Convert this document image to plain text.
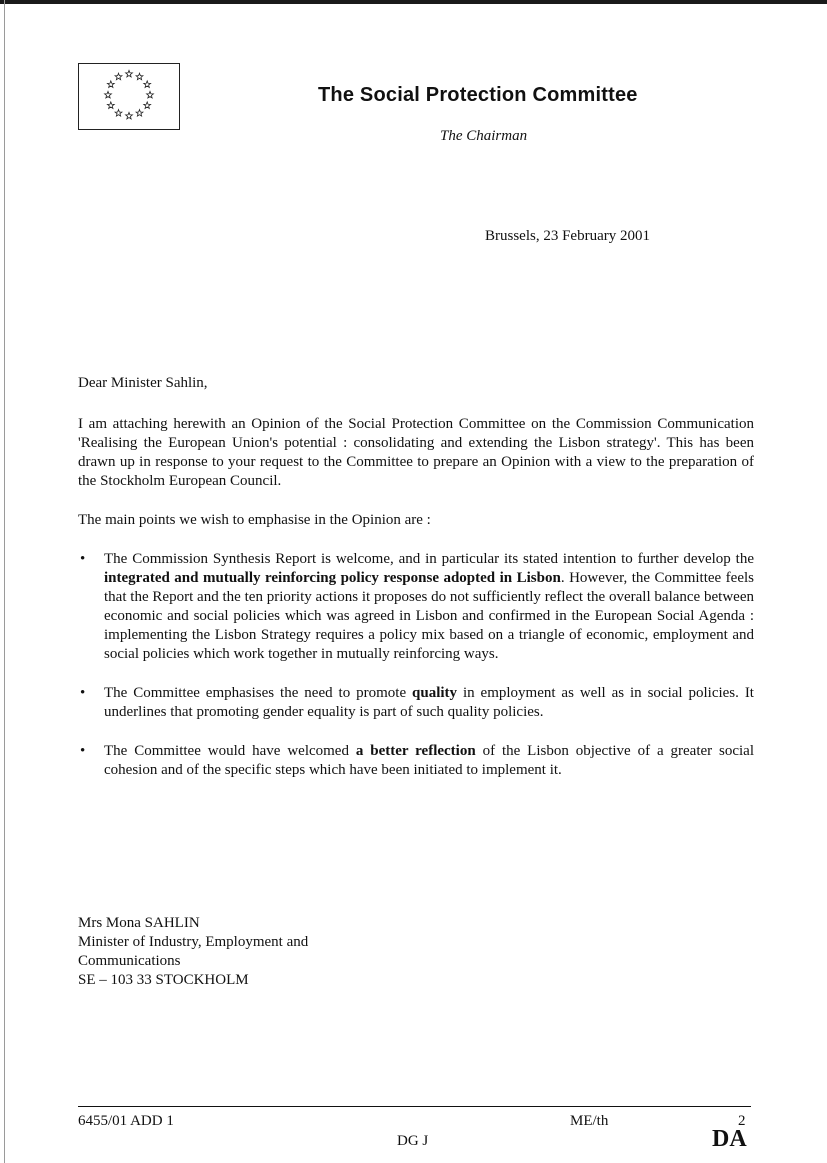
The Social Protection Committee
The Chairman
Brussels, 23 February 2001
Dear Minister Sahlin,

I am attaching herewith an Opinion of the Social Protection Committee on the Commission Communication 'Realising the European Union's potential : consolidating and extending the Lisbon strategy'. This has been drawn up in response to your request to the Committee to prepare an Opinion with a view to the preparation of the Stockholm European Council.

The main points we wish to emphasise in the Opinion are :

• The Commission Synthesis Report is welcome, and in particular its stated intention to further develop the integrated and mutually reinforcing policy response adopted in Lisbon. However, the Committee feels that the Report and the ten priority actions it proposes do not sufficiently reflect the overall balance between economic and social policies which was agreed in Lisbon and confirmed in the European Social Agenda : implementing the Lisbon Strategy requires a policy mix based on a triangle of economic, employment and social policies which work together in mutually reinforcing ways.
• The Committee emphasises the need to promote quality in employment as well as in social policies. It underlines that promoting gender equality is part of such quality policies.
• The Committee would have welcomed a better reflection of the Lisbon objective of a greater social cohesion and of the specific steps which have been initiated to implement it.
Mrs Mona SAHLIN
Minister of Industry, Employment and
Communications
SE – 103 33 STOCKHOLM
6455/01 ADD 1	ME/th	2
DG J	DA
